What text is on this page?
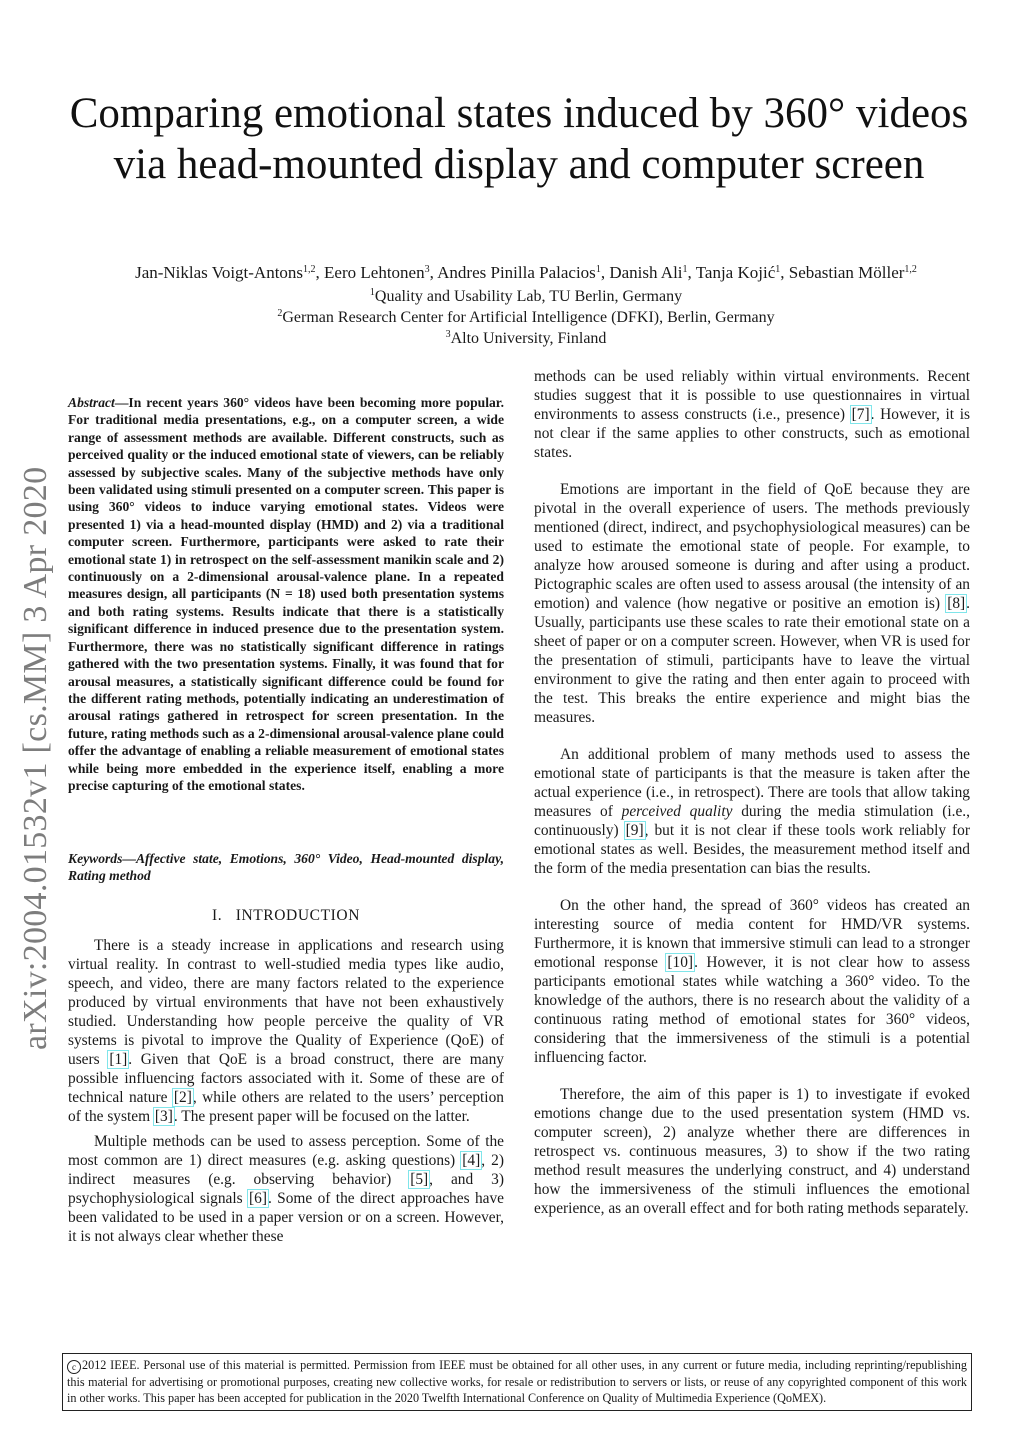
Comparing emotional states induced by 360° videos
via head-mounted display and computer screen
Jan-Niklas Voigt-Antons$^{1,2}$, Eero Lehtonen$^3$, Andres Pinilla Palacios$^1$, Danish Ali$^1$, Tanja Kojić$^1$, Sebastian Möller$^{1,2}$
$^1$Quality and Usability Lab, TU Berlin, Germany
$^2$German Research Center for Artificial Intelligence (DFKI), Berlin, Germany
$^3$Alto University, Finland
arXiv:2004.01532v1 [cs.MM] 3 Apr 2020
Abstract—In recent years 360° videos have been becoming more popular. For traditional media presentations, e.g., on a computer screen, a wide range of assessment methods are available. Different constructs, such as perceived quality or the induced emotional state of viewers, can be reliably assessed by subjective scales. Many of the subjective methods have only been validated using stimuli presented on a computer screen. This paper is using 360° videos to induce varying emotional states. Videos were presented 1) via a head-mounted display (HMD) and 2) via a traditional computer screen. Furthermore, participants were asked to rate their emotional state 1) in retrospect on the self-assessment manikin scale and 2) continuously on a 2-dimensional arousal-valence plane. In a repeated measures design, all participants (N = 18) used both presentation systems and both rating systems. Results indicate that there is a statistically significant difference in induced presence due to the presentation system. Furthermore, there was no statistically significant difference in ratings gathered with the two presentation systems. Finally, it was found that for arousal measures, a statistically significant difference could be found for the different rating methods, potentially indicating an underestimation of arousal ratings gathered in retrospect for screen presentation. In the future, rating methods such as a 2-dimensional arousal-valence plane could offer the advantage of enabling a reliable measurement of emotional states while being more embedded in the experience itself, enabling a more precise capturing of the emotional states.
Keywords—Affective state, Emotions, 360° Video, Head-mounted display, Rating method
I. INTRODUCTION

There is a steady increase in applications and research using virtual reality. In contrast to well-studied media types like audio, speech, and video, there are many factors related to the experience produced by virtual environments that have not been exhaustively studied. Understanding how people perceive the quality of VR systems is pivotal to improve the Quality of Experience (QoE) of users [1]. Given that QoE is a broad construct, there are many possible influencing factors associated with it. Some of these are of technical nature [2], while others are related to the users’ perception of the system [3]. The present paper will be focused on the latter.

Multiple methods can be used to assess perception. Some of the most common are 1) direct measures (e.g. asking questions) [4], 2) indirect measures (e.g. observing behavior) [5], and 3) psychophysiological signals [6]. Some of the direct approaches have been validated to be used in a paper version or on a screen. However, it is not always clear whether these

methods can be used reliably within virtual environments. Recent studies suggest that it is possible to use questionnaires in virtual environments to assess constructs (i.e., presence) [7]. However, it is not clear if the same applies to other constructs, such as emotional states.

Emotions are important in the field of QoE because they are pivotal in the overall experience of users. The methods previously mentioned (direct, indirect, and psychophysiological measures) can be used to estimate the emotional state of people. For example, to analyze how aroused someone is during and after using a product. Pictographic scales are often used to assess arousal (the intensity of an emotion) and valence (how negative or positive an emotion is) [8]. Usually, participants use these scales to rate their emotional state on a sheet of paper or on a computer screen. However, when VR is used for the presentation of stimuli, participants have to leave the virtual environment to give the rating and then enter again to proceed with the test. This breaks the entire experience and might bias the measures.

An additional problem of many methods used to assess the emotional state of participants is that the measure is taken after the actual experience (i.e., in retrospect). There are tools that allow taking measures of perceived quality during the media stimulation (i.e., continuously) [9], but it is not clear if these tools work reliably for emotional states as well. Besides, the measurement method itself and the form of the media presentation can bias the results.

On the other hand, the spread of 360° videos has created an interesting source of media content for HMD/VR systems. Furthermore, it is known that immersive stimuli can lead to a stronger emotional response [10]. However, it is not clear how to assess participants emotional states while watching a 360° video. To the knowledge of the authors, there is no research about the validity of a continuous rating method of emotional states for 360° videos, considering that the immersiveness of the stimuli is a potential influencing factor.

Therefore, the aim of this paper is 1) to investigate if evoked emotions change due to the used presentation system (HMD vs. computer screen), 2) analyze whether there are differences in retrospect vs. continuous measures, 3) to show if the two rating method result measures the underlying construct, and 4) understand how the immersiveness of the stimuli influences the emotional experience, as an overall effect and for both rating methods separately.

c 2012 IEEE. Personal use of this material is permitted. Permission from IEEE must be obtained for all other uses, in any current or future media, including reprinting/republishing this material for advertising or promotional purposes, creating new collective works, for resale or redistribution to servers or lists, or reuse of any copyrighted component of this work in other works. This paper has been accepted for publication in the 2020 Twelfth International Conference on Quality of Multimedia Experience (QoMEX).
